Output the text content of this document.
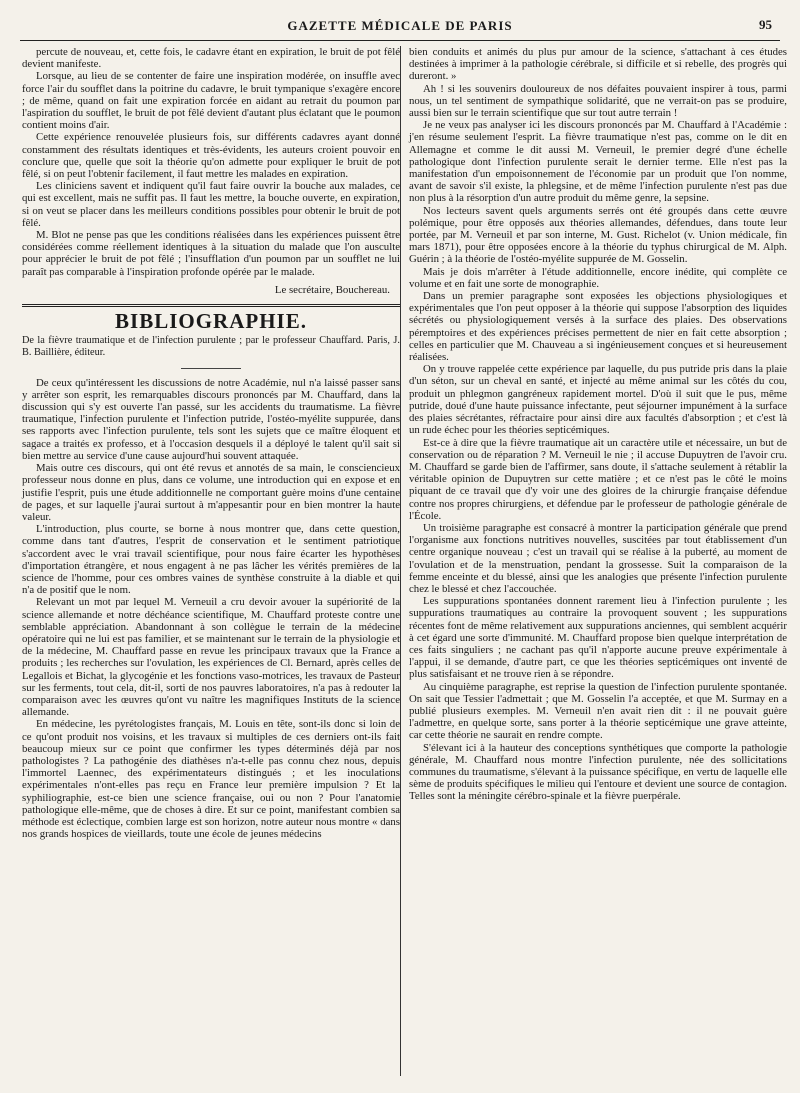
GAZETTE MÉDICALE DE PARIS	95

percute de nouveau, et, cette fois, le cadavre étant en expiration, le bruit de pot fêlé devient manifeste.

Lorsque, au lieu de se contenter de faire une inspiration modérée, on insuffle avec force l'air du soufflet dans la poitrine du cadavre, le bruit tympanique s'exagère encore ; de même, quand on fait une expiration forcée en aidant au retrait du poumon par l'aspiration du soufflet, le bruit de pot fêlé devient d'autant plus éclatant que le poumon contient moins d'air.

Cette expérience renouvelée plusieurs fois, sur différents cadavres ayant donné constamment des résultats identiques et très-évidents, les auteurs croient pouvoir en conclure que, quelle que soit la théorie qu'on admette pour expliquer le bruit de pot fêlé, si on peut l'obtenir facilement, il faut mettre les malades en expiration.

Les cliniciens savent et indiquent qu'il faut faire ouvrir la bouche aux malades, ce qui est excellent, mais ne suffit pas. Il faut les mettre, la bouche ouverte, en expiration, si on veut se placer dans les meilleurs conditions possibles pour obtenir le bruit de pot fêlé.

M. Blot ne pense pas que les conditions réalisées dans les expériences puissent être considérées comme réellement identiques à la situation du malade que l'on ausculte pour apprécier le bruit de pot fêlé ; l'insufflation d'un poumon par un soufflet ne lui paraît pas comparable à l'inspiration profonde opérée par le malade.

Le secrétaire, Bouchereau.

BIBLIOGRAPHIE.

De la fièvre traumatique et de l'infection purulente ; par le professeur Chauffard. Paris, J. B. Baillière, éditeur.

De ceux qu'intéressent les discussions de notre Académie, nul n'a laissé passer sans y arrêter son esprit, les remarquables discours prononcés par M. Chauffard, dans la discussion qui s'y est ouverte l'an passé, sur les accidents du traumatisme. La fièvre traumatique, l'infection purulente et l'infection putride, l'ostéo-myélite suppurée, dans ses rapports avec l'infection purulente, tels sont les sujets que ce maître éloquent et sagace a traités ex professo, et à l'occasion desquels il a déployé le talent qu'il sait si bien mettre au service d'une cause aujourd'hui souvent attaquée.

Mais outre ces discours, qui ont été revus et annotés de sa main, le consciencieux professeur nous donne en plus, dans ce volume, une introduction qui en expose et en justifie l'esprit, puis une étude additionnelle ne comportant guère moins d'une centaine de pages, et sur laquelle j'aurai surtout à m'appesantir pour en bien montrer la haute valeur.

L'introduction, plus courte, se borne à nous montrer que, dans cette question, comme dans tant d'autres, l'esprit de conservation et le sentiment patriotique s'accordent avec le vrai travail scientifique, pour nous faire écarter les hypothèses d'importation étrangère, et nous engagent à ne pas lâcher les vérités premières de la science de l'homme, pour ces ombres vaines de synthèse construite à la diable et qui n'a de positif que le nom.

Relevant un mot par lequel M. Verneuil a cru devoir avouer la supériorité de la science allemande et notre déchéance scientifique, M. Chauffard proteste contre une semblable appréciation. Abandonnant à son collègue le terrain de la médecine opératoire qui ne lui est pas familier, et se maintenant sur le terrain de la physiologie et de la médecine, M. Chauffard passe en revue les principaux travaux que la France a produits ; les recherches sur l'ovulation, les expériences de Cl. Bernard, après celles de Legallois et Bichat, la glycogénie et les fonctions vaso-motrices, les travaux de Pasteur sur les ferments, tout cela, dit-il, sorti de nos pauvres laboratoires, n'a pas à redouter la comparaison avec les œuvres qu'ont vu naître les magnifiques Instituts de la science allemande.

En médecine, les pyrétologistes français, M. Louis en tête, sont-ils donc si loin de ce qu'ont produit nos voisins, et les travaux si multiples de ces derniers ont-ils fait beaucoup mieux sur ce point que confirmer les types déterminés déjà par nos pathologistes ? La pathogénie des diathèses n'a-t-elle pas connu chez nous, depuis l'immortel Laennec, des expérimentateurs distingués ; et les inoculations expérimentales n'ont-elles pas reçu en France leur première impulsion ? Et la syphiliographie, est-ce bien une science française, oui ou non ? Pour l'anatomie pathologique elle-même, que de choses à dire. Et sur ce point, manifestant combien sa méthode est éclectique, combien large est son horizon, notre auteur nous montre « dans nos grands hospices de vieillards, toute une école de jeunes médecins

bien conduits et animés du plus pur amour de la science, s'attachant à ces études destinées à imprimer à la pathologie cérébrale, si difficile et si rebelle, des progrès qui dureront. »

Ah ! si les souvenirs douloureux de nos défaites pouvaient inspirer à tous, parmi nous, un tel sentiment de sympathique solidarité, que ne verrait-on pas se produire, aussi bien sur le terrain scientifique que sur tout autre terrain !

Je ne veux pas analyser ici les discours prononcés par M. Chauffard à l'Académie : j'en résume seulement l'esprit. La fièvre traumatique n'est pas, comme on le dit en Allemagne et comme le dit aussi M. Verneuil, le premier degré d'une échelle pathologique dont l'infection purulente serait le dernier terme. Elle n'est pas la manifestation d'un empoisonnement de l'économie par un produit que l'on nomme, avant de savoir s'il existe, la phlegsine, et de même l'infection purulente n'est pas due non plus à la résorption d'un autre produit du même genre, la sepsine.

Nos lecteurs savent quels arguments serrés ont été groupés dans cette œuvre polémique, pour être opposés aux théories allemandes, défendues, dans toute leur portée, par M. Verneuil et par son interne, M. Gust. Richelot (v. Union médicale, fin mars 1871), pour être opposées encore à la théorie du typhus chirurgical de M. Alph. Guérin ; à la théorie de l'ostéo-myélite suppurée de M. Gosselin.

Mais je dois m'arrêter à l'étude additionnelle, encore inédite, qui complète ce volume et en fait une sorte de monographie.

Dans un premier paragraphe sont exposées les objections physiologiques et expérimentales que l'on peut opposer à la théorie qui suppose l'absorption des liquides sécrétés ou physiologiquement versés à la surface des plaies. Des observations péremptoires et des expériences précises permettent de nier en fait cette absorption ; celles en particulier que M. Chauveau a si ingénieusement conçues et si heureusement réalisées.

On y trouve rappelée cette expérience par laquelle, du pus putride pris dans la plaie d'un séton, sur un cheval en santé, et injecté au même animal sur les côtés du cou, produit un phlegmon gangréneux rapidement mortel. D'où il suit que le pus, même putride, doué d'une haute puissance infectante, peut séjourner impunément à la surface des plaies sécrétantes, réfractaire pour ainsi dire aux facultés d'absorption ; et c'est là un rude échec pour les théories septicémiques.

Est-ce à dire que la fièvre traumatique ait un caractère utile et nécessaire, un but de conservation ou de réparation ? M. Verneuil le nie ; il accuse Dupuytren de l'avoir cru. M. Chauffard se garde bien de l'affirmer, sans doute, il s'attache seulement à rétablir la véritable opinion de Dupuytren sur cette matière ; et ce n'est pas le côté le moins piquant de ce travail que d'y voir une des gloires de la chirurgie française défendue contre nos propres chirurgiens, et défendue par le professeur de pathologie générale de l'École.

Un troisième paragraphe est consacré à montrer la participation générale que prend l'organisme aux fonctions nutritives nouvelles, suscitées par tout établissement d'un centre organique nouveau ; c'est un travail qui se réalise à la puberté, au moment de l'ovulation et de la menstruation, pendant la grossesse. Suit la comparaison de la femme enceinte et du blessé, ainsi que les analogies que présente l'infection purulente chez le blessé et chez l'accouchée.

Les suppurations spontanées donnent rarement lieu à l'infection purulente ; les suppurations traumatiques au contraire la provoquent souvent ; les suppurations récentes font de même relativement aux suppurations anciennes, qui semblent acquérir à cet égard une sorte d'immunité. M. Chauffard propose bien quelque interprétation de ces faits singuliers ; ne cachant pas qu'il n'apporte aucune preuve expérimentale à l'appui, il se demande, d'autre part, ce que les théories septicémiques ont inventé de plus satisfaisant et ne trouve rien à se répondre.

Au cinquième paragraphe, est reprise la question de l'infection purulente spontanée. On sait que Tessier l'admettait ; que M. Gosselin l'a acceptée, et que M. Surmay en a publié plusieurs exemples. M. Verneuil n'en avait rien dit : il ne pouvait guère l'admettre, en quelque sorte, sans porter à la théorie septicémique une grave atteinte, car cette théorie ne saurait en rendre compte.

S'élevant ici à la hauteur des conceptions synthétiques que comporte la pathologie générale, M. Chauffard nous montre l'infection purulente, née des sollicitations communes du traumatisme, s'élevant à la puissance spécifique, en vertu de laquelle elle sème de produits spécifiques le milieu qui l'entoure et devient une source de contagion. Telles sont la méningite cérébro-spinale et la fièvre puerpérale.
